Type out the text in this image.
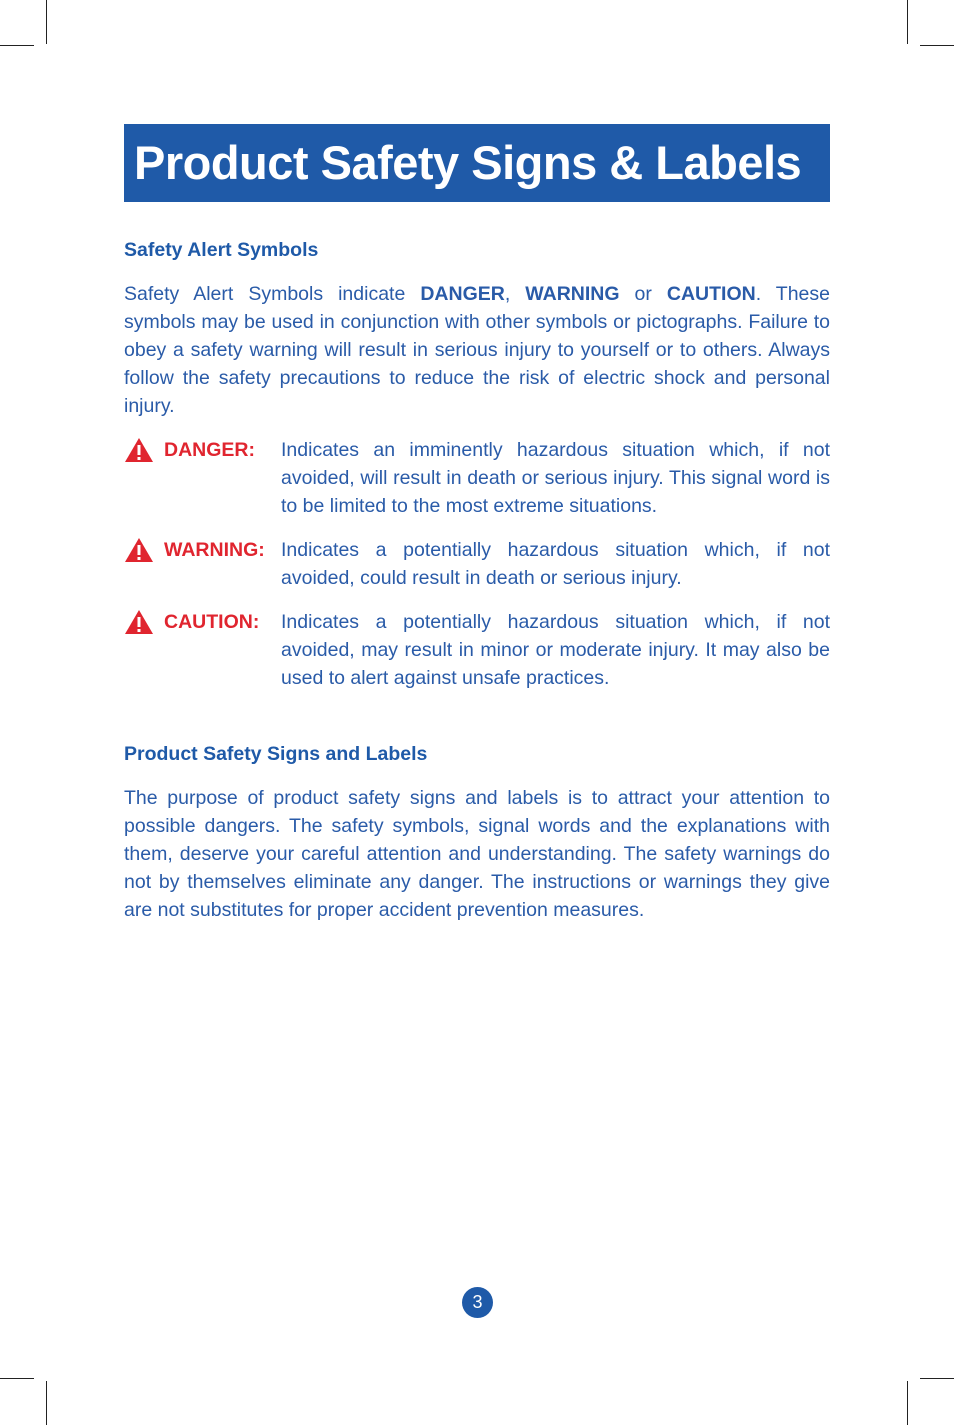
Product Safety Signs & Labels
Safety Alert Symbols

Safety Alert Symbols indicate DANGER, WARNING or CAUTION. These symbols may be used in conjunction with other symbols or pictographs. Failure to obey a safety warning will result in serious injury to yourself or to others. Always follow the safety precautions to reduce the risk of electric shock and personal injury.

DANGER: Indicates an imminently hazardous situation which, if not avoided, will result in death or serious injury. This signal word is to be limited to the most extreme situations.
WARNING: Indicates a potentially hazardous situation which, if not avoided, could result in death or serious injury.
CAUTION: Indicates a potentially hazardous situation which, if not avoided, may result in minor or moderate injury. It may also be used to alert against unsafe practices.
Product Safety Signs and Labels

The purpose of product safety signs and labels is to attract your attention to possible dangers. The safety symbols, signal words and the explanations with them, deserve your careful attention and understanding. The safety warnings do not by themselves eliminate any danger. The instructions or warnings they give are not substitutes for proper accident prevention measures.

3
